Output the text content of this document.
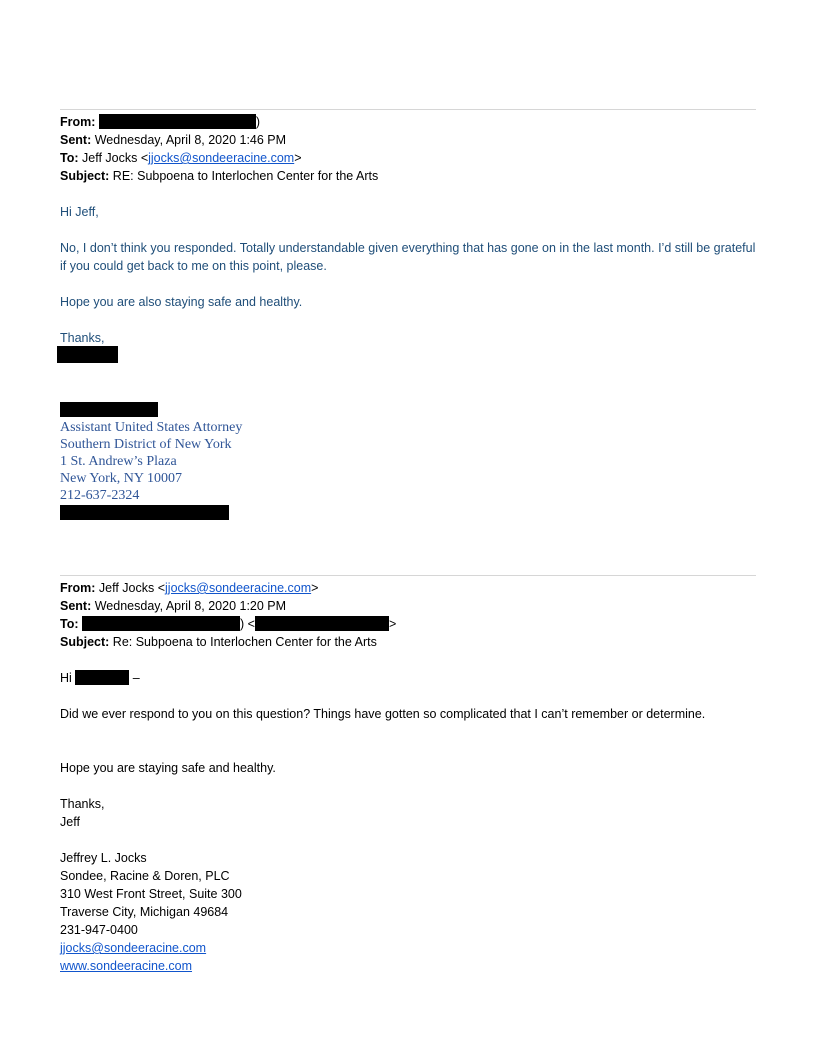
From:	)
Sent: Wednesday, April 8, 2020 1:46 PM
To: Jeff Jocks <jjocks@sondeeracine.com>
Subject: RE: Subpoena to Interlochen Center for the Arts
Hi Jeff,
No, I don’t think you responded. Totally understandable given everything that has gone on in the last month. I’d still be grateful if you could get back to me on this point, please.
Hope you are also staying safe and healthy.
Thanks,
Assistant United States Attorney
Southern District of New York
1 St. Andrew’s Plaza
New York, NY 10007
212-637-2324
From: Jeff Jocks <jjocks@sondeeracine.com>
Sent: Wednesday, April 8, 2020 1:20 PM
To:	) <	>
Subject: Re: Subpoena to Interlochen Center for the Arts
Hi	–
Did we ever respond to you on this question? Things have gotten so complicated that I can’t remember or determine.
Hope you are staying safe and healthy.
Thanks,
Jeff
Jeffrey L. Jocks
Sondee, Racine & Doren, PLC
310 West Front Street, Suite 300
Traverse City, Michigan 49684
231-947-0400
jjocks@sondeeracine.com
www.sondeeracine.com
